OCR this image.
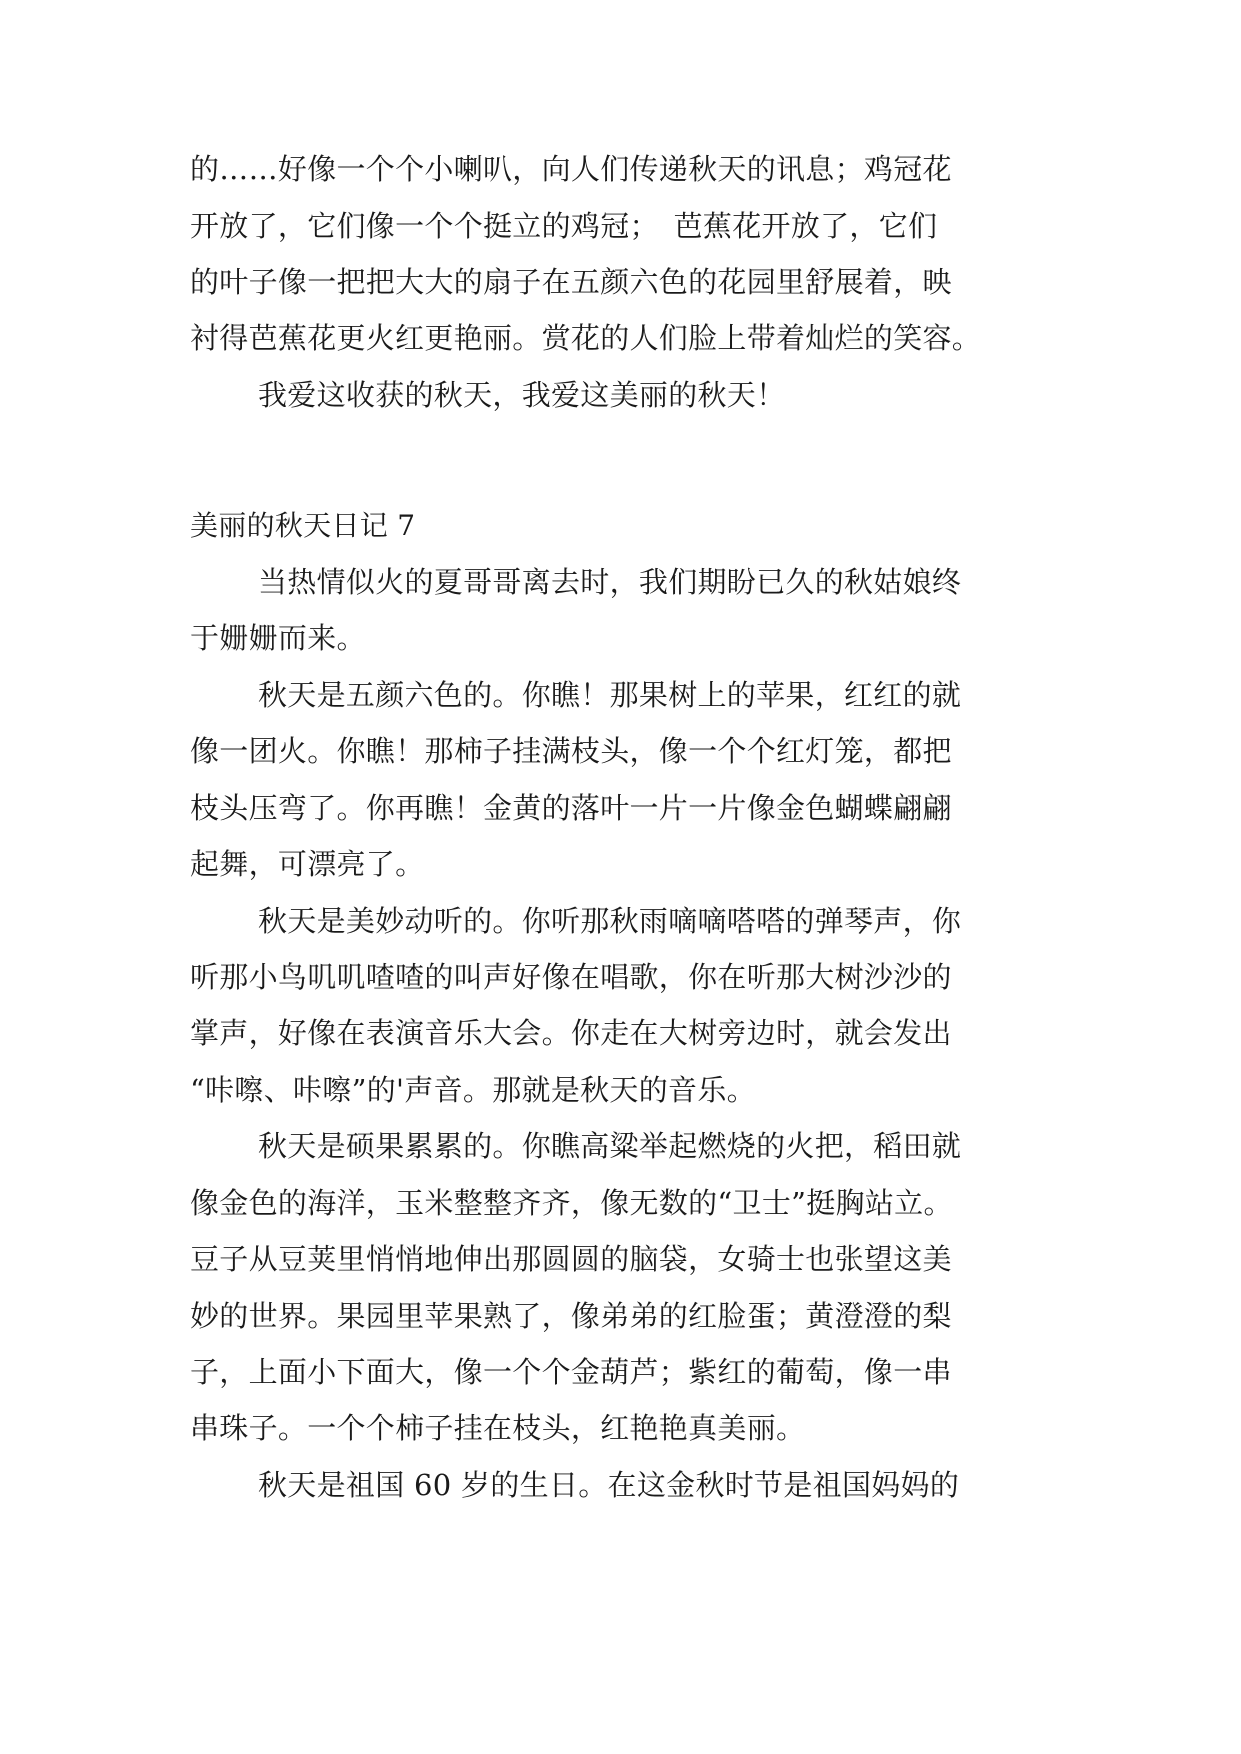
的……好像一个个小喇叭，向人们传递秋天的讯息；鸡冠花
开放了，它们像一个个挺立的鸡冠；　芭蕉花开放了，它们
的叶子像一把把大大的扇子在五颜六色的花园里舒展着，映
衬得芭蕉花更火红更艳丽。赏花的人们脸上带着灿烂的笑容。
我爱这收获的秋天，我爱这美丽的秋天！
美丽的秋天日记 7
当热情似火的夏哥哥离去时，我们期盼已久的秋姑娘终
于姗姗而来。
秋天是五颜六色的。你瞧！那果树上的苹果，红红的就
像一团火。你瞧！那柿子挂满枝头，像一个个红灯笼，都把
枝头压弯了。你再瞧！金黄的落叶一片一片像金色蝴蝶翩翩
起舞，可漂亮了。
秋天是美妙动听的。你听那秋雨嘀嘀嗒嗒的弹琴声，你
听那小鸟叽叽喳喳的叫声好像在唱歌，你在听那大树沙沙的
掌声，好像在表演音乐大会。你走在大树旁边时，就会发出
“咔嚓、咔嚓”的'声音。那就是秋天的音乐。
秋天是硕果累累的。你瞧高粱举起燃烧的火把，稻田就
像金色的海洋，玉米整整齐齐，像无数的“卫士”挺胸站立。
豆子从豆荚里悄悄地伸出那圆圆的脑袋，女骑士也张望这美
妙的世界。果园里苹果熟了，像弟弟的红脸蛋；黄澄澄的梨
子，上面小下面大，像一个个金葫芦；紫红的葡萄，像一串
串珠子。一个个柿子挂在枝头，红艳艳真美丽。
秋天是祖国 60 岁的生日。在这金秋时节是祖国妈妈的
